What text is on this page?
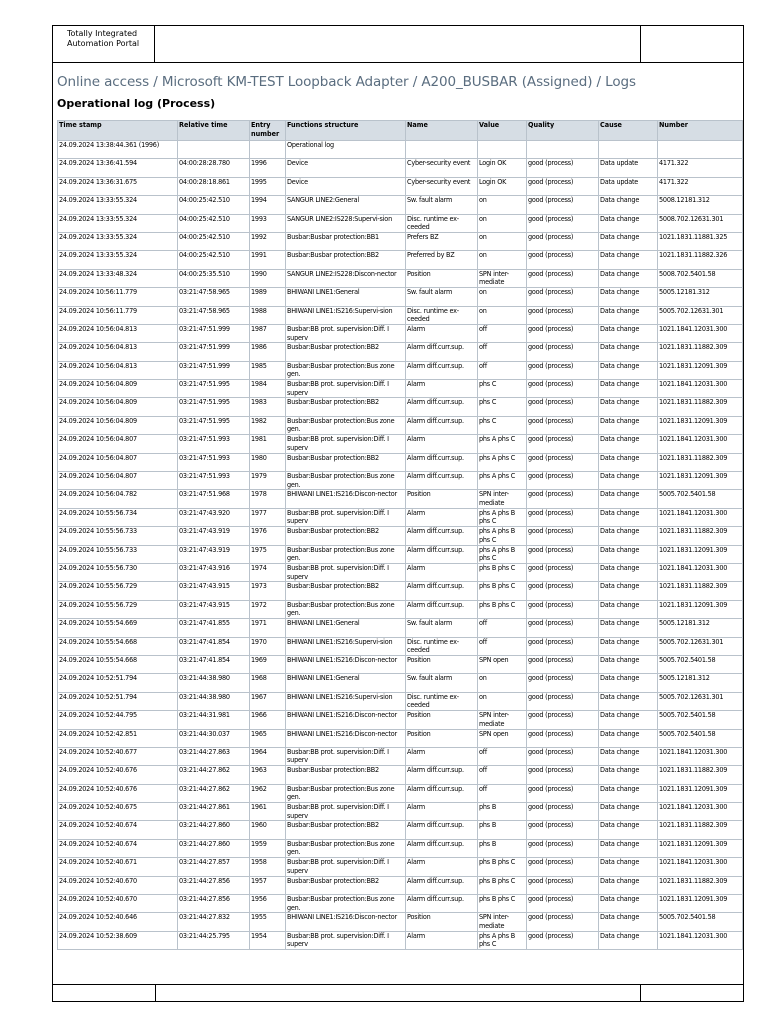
Totally Integrated Automation Portal
Online access / Microsoft KM-TEST Loopback Adapter / A200_BUSBAR (Assigned) / Logs
Operational log (Process)
Time stamp	Relative time	Entry number	Functions structure	Name	Value	Quality	Cause	Number
24.09.2024 13:38:44.361 (1996)			Operational log					
24.09.2024 13:36:41.594	04:00:28:28.780	1996	Device	Cyber-security event	Login OK	good (process)	Data update	4171.322
24.09.2024 13:36:31.675	04:00:28:18.861	1995	Device	Cyber-security event	Login OK	good (process)	Data update	4171.322
24.09.2024 13:33:55.324	04:00:25:42.510	1994	SANGUR LINE2:General	Sw. fault alarm	on	good (process)	Data change	5008.12181.312
24.09.2024 13:33:55.324	04:00:25:42.510	1993	SANGUR LINE2:IS228:Supervi-sion	Disc. runtime ex-ceeded	on	good (process)	Data change	5008.702.12631.301
24.09.2024 13:33:55.324	04:00:25:42.510	1992	Busbar:Busbar protection:BB1	Prefers BZ	on	good (process)	Data change	1021.1831.11881.325
24.09.2024 13:33:55.324	04:00:25:42.510	1991	Busbar:Busbar protection:BB2	Preferred by BZ	on	good (process)	Data change	1021.1831.11882.326
24.09.2024 13:33:48.324	04:00:25:35.510	1990	SANGUR LINE2:IS228:Discon-nector	Position	SPN inter-mediate	good (process)	Data change	5008.702.5401.58
24.09.2024 10:56:11.779	03:21:47:58.965	1989	BHIWANI LINE1:General	Sw. fault alarm	on	good (process)	Data change	5005.12181.312
24.09.2024 10:56:11.779	03:21:47:58.965	1988	BHIWANI LINE1:IS216:Supervi-sion	Disc. runtime ex-ceeded	on	good (process)	Data change	5005.702.12631.301
24.09.2024 10:56:04.813	03:21:47:51.999	1987	Busbar:BB prot. supervision:Diff. I superv	Alarm	off	good (process)	Data change	1021.1841.12031.300
24.09.2024 10:56:04.813	03:21:47:51.999	1986	Busbar:Busbar protection:BB2	Alarm diff.curr.sup.	off	good (process)	Data change	1021.1831.11882.309
24.09.2024 10:56:04.813	03:21:47:51.999	1985	Busbar:Busbar protection:Bus zone gen.	Alarm diff.curr.sup.	off	good (process)	Data change	1021.1831.12091.309
24.09.2024 10:56:04.809	03:21:47:51.995	1984	Busbar:BB prot. supervision:Diff. I superv	Alarm	phs C	good (process)	Data change	1021.1841.12031.300
24.09.2024 10:56:04.809	03:21:47:51.995	1983	Busbar:Busbar protection:BB2	Alarm diff.curr.sup.	phs C	good (process)	Data change	1021.1831.11882.309
24.09.2024 10:56:04.809	03:21:47:51.995	1982	Busbar:Busbar protection:Bus zone gen.	Alarm diff.curr.sup.	phs C	good (process)	Data change	1021.1831.12091.309
24.09.2024 10:56:04.807	03:21:47:51.993	1981	Busbar:BB prot. supervision:Diff. I superv	Alarm	phs A phs C	good (process)	Data change	1021.1841.12031.300
24.09.2024 10:56:04.807	03:21:47:51.993	1980	Busbar:Busbar protection:BB2	Alarm diff.curr.sup.	phs A phs C	good (process)	Data change	1021.1831.11882.309
24.09.2024 10:56:04.807	03:21:47:51.993	1979	Busbar:Busbar protection:Bus zone gen.	Alarm diff.curr.sup.	phs A phs C	good (process)	Data change	1021.1831.12091.309
24.09.2024 10:56:04.782	03:21:47:51.968	1978	BHIWANI LINE1:IS216:Discon-nector	Position	SPN inter-mediate	good (process)	Data change	5005.702.5401.58
24.09.2024 10:55:56.734	03:21:47:43.920	1977	Busbar:BB prot. supervision:Diff. I superv	Alarm	phs A phs B phs C	good (process)	Data change	1021.1841.12031.300
24.09.2024 10:55:56.733	03:21:47:43.919	1976	Busbar:Busbar protection:BB2	Alarm diff.curr.sup.	phs A phs B phs C	good (process)	Data change	1021.1831.11882.309
24.09.2024 10:55:56.733	03:21:47:43.919	1975	Busbar:Busbar protection:Bus zone gen.	Alarm diff.curr.sup.	phs A phs B phs C	good (process)	Data change	1021.1831.12091.309
24.09.2024 10:55:56.730	03:21:47:43.916	1974	Busbar:BB prot. supervision:Diff. I superv	Alarm	phs B phs C	good (process)	Data change	1021.1841.12031.300
24.09.2024 10:55:56.729	03:21:47:43.915	1973	Busbar:Busbar protection:BB2	Alarm diff.curr.sup.	phs B phs C	good (process)	Data change	1021.1831.11882.309
24.09.2024 10:55:56.729	03:21:47:43.915	1972	Busbar:Busbar protection:Bus zone gen.	Alarm diff.curr.sup.	phs B phs C	good (process)	Data change	1021.1831.12091.309
24.09.2024 10:55:54.669	03:21:47:41.855	1971	BHIWANI LINE1:General	Sw. fault alarm	off	good (process)	Data change	5005.12181.312
24.09.2024 10:55:54.668	03:21:47:41.854	1970	BHIWANI LINE1:IS216:Supervi-sion	Disc. runtime ex-ceeded	off	good (process)	Data change	5005.702.12631.301
24.09.2024 10:55:54.668	03:21:47:41.854	1969	BHIWANI LINE1:IS216:Discon-nector	Position	SPN open	good (process)	Data change	5005.702.5401.58
24.09.2024 10:52:51.794	03:21:44:38.980	1968	BHIWANI LINE1:General	Sw. fault alarm	on	good (process)	Data change	5005.12181.312
24.09.2024 10:52:51.794	03:21:44:38.980	1967	BHIWANI LINE1:IS216:Supervi-sion	Disc. runtime ex-ceeded	on	good (process)	Data change	5005.702.12631.301
24.09.2024 10:52:44.795	03:21:44:31.981	1966	BHIWANI LINE1:IS216:Discon-nector	Position	SPN inter-mediate	good (process)	Data change	5005.702.5401.58
24.09.2024 10:52:42.851	03:21:44:30.037	1965	BHIWANI LINE1:IS216:Discon-nector	Position	SPN open	good (process)	Data change	5005.702.5401.58
24.09.2024 10:52:40.677	03:21:44:27.863	1964	Busbar:BB prot. supervision:Diff. I superv	Alarm	off	good (process)	Data change	1021.1841.12031.300
24.09.2024 10:52:40.676	03:21:44:27.862	1963	Busbar:Busbar protection:BB2	Alarm diff.curr.sup.	off	good (process)	Data change	1021.1831.11882.309
24.09.2024 10:52:40.676	03:21:44:27.862	1962	Busbar:Busbar protection:Bus zone gen.	Alarm diff.curr.sup.	off	good (process)	Data change	1021.1831.12091.309
24.09.2024 10:52:40.675	03:21:44:27.861	1961	Busbar:BB prot. supervision:Diff. I superv	Alarm	phs B	good (process)	Data change	1021.1841.12031.300
24.09.2024 10:52:40.674	03:21:44:27.860	1960	Busbar:Busbar protection:BB2	Alarm diff.curr.sup.	phs B	good (process)	Data change	1021.1831.11882.309
24.09.2024 10:52:40.674	03:21:44:27.860	1959	Busbar:Busbar protection:Bus zone gen.	Alarm diff.curr.sup.	phs B	good (process)	Data change	1021.1831.12091.309
24.09.2024 10:52:40.671	03:21:44:27.857	1958	Busbar:BB prot. supervision:Diff. I superv	Alarm	phs B phs C	good (process)	Data change	1021.1841.12031.300
24.09.2024 10:52:40.670	03:21:44:27.856	1957	Busbar:Busbar protection:BB2	Alarm diff.curr.sup.	phs B phs C	good (process)	Data change	1021.1831.11882.309
24.09.2024 10:52:40.670	03:21:44:27.856	1956	Busbar:Busbar protection:Bus zone gen.	Alarm diff.curr.sup.	phs B phs C	good (process)	Data change	1021.1831.12091.309
24.09.2024 10:52:40.646	03:21:44:27.832	1955	BHIWANI LINE1:IS216:Discon-nector	Position	SPN inter-mediate	good (process)	Data change	5005.702.5401.58
24.09.2024 10:52:38.609	03:21:44:25.795	1954	Busbar:BB prot. supervision:Diff. I superv	Alarm	phs A phs B phs C	good (process)	Data change	1021.1841.12031.300
